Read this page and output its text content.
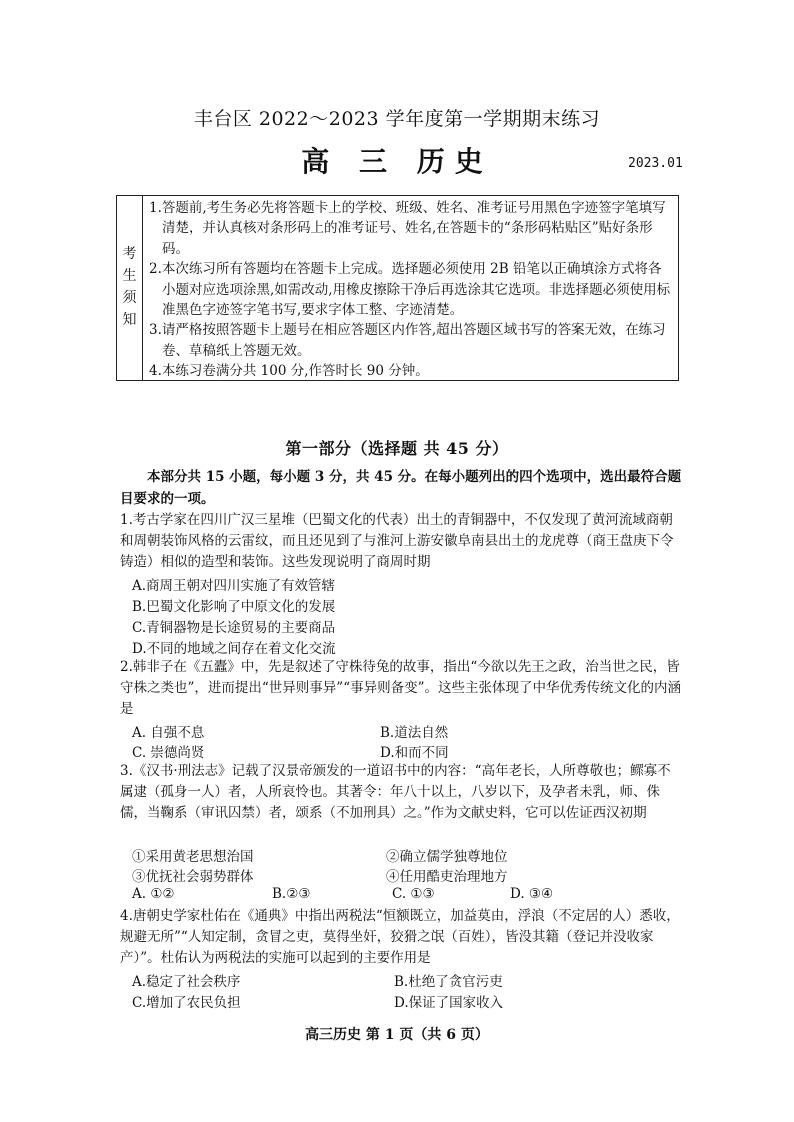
丰台区 2022～2023 学年度第一学期期末练习
高 三 历史	2023.01
考
生
须
知
1.答题前,考生务必先将答题卡上的学校、班级、姓名、准考证号用黑色字迹签字笔填写清楚，并认真核对条形码上的准考证号、姓名,在答题卡的“条形码粘贴区”贴好条形码。
2.本次练习所有答题均在答题卡上完成。选择题必须使用 2B 铅笔以正确填涂方式将各小题对应选项涂黑,如需改动,用橡皮擦除干净后再选涂其它选项。非选择题必须使用标准黑色字迹签字笔书写,要求字体工整、字迹清楚。
3.请严格按照答题卡上题号在相应答题区内作答,超出答题区域书写的答案无效，在练习卷、草稿纸上答题无效。
4.本练习卷满分共 100 分,作答时长 90 分钟。
第一部分（选择题 共 45 分）
本部分共 15 小题，每小题 3 分，共 45 分。在每小题列出的四个选项中，选出最符合题目要求的一项。
1.考古学家在四川广汉三星堆（巴蜀文化的代表）出土的青铜器中，不仅发现了黄河流域商朝和周朝装饰风格的云雷纹，而且还见到了与淮河上游安徽阜南县出土的龙虎尊（商王盘庚下令铸造）相似的造型和装饰。这些发现说明了商周时期
A.商周王朝对四川实施了有效管辖
B.巴蜀文化影响了中原文化的发展
C.青铜器物是长途贸易的主要商品
D.不同的地域之间存在着文化交流
2.韩非子在《五蠹》中，先是叙述了守株待兔的故事，指出“今欲以先王之政，治当世之民，皆守株之类也”，进而提出“世异则事异”“事异则备变”。这些主张体现了中华优秀传统文化的内涵是
A. 自强不息	B.道法自然
C. 崇德尚贤	D.和而不同
3.《汉书·刑法志》记载了汉景帝颁发的一道诏书中的内容：“高年老长，人所尊敬也；鳏寡不属逮（孤身一人）者，人所哀怜也。其著令：年八十以上，八岁以下，及孕者未乳，师、侏儒，当鞠系（审讯囚禁）者，颂系（不加刑具）之。”作为文献史料，它可以佐证西汉初期
①采用黄老思想治国	②确立儒学独尊地位
③优抚社会弱势群体	④任用酷吏治理地方
A. ①②	B.②③	C. ①③	D. ③④
4.唐朝史学家杜佑在《通典》中指出两税法“恒额既立，加益莫由，浮浪（不定居的人）悉收，规避无所”“人知定制，贪冒之吏，莫得坐奸，狡猾之氓（百姓），皆没其籍（登记并没收家产）”。杜佑认为两税法的实施可以起到的主要作用是
A.稳定了社会秩序	B.杜绝了贪官污吏
C.增加了农民负担	D.保证了国家收入
高三历史 第 1 页（共 6 页）
